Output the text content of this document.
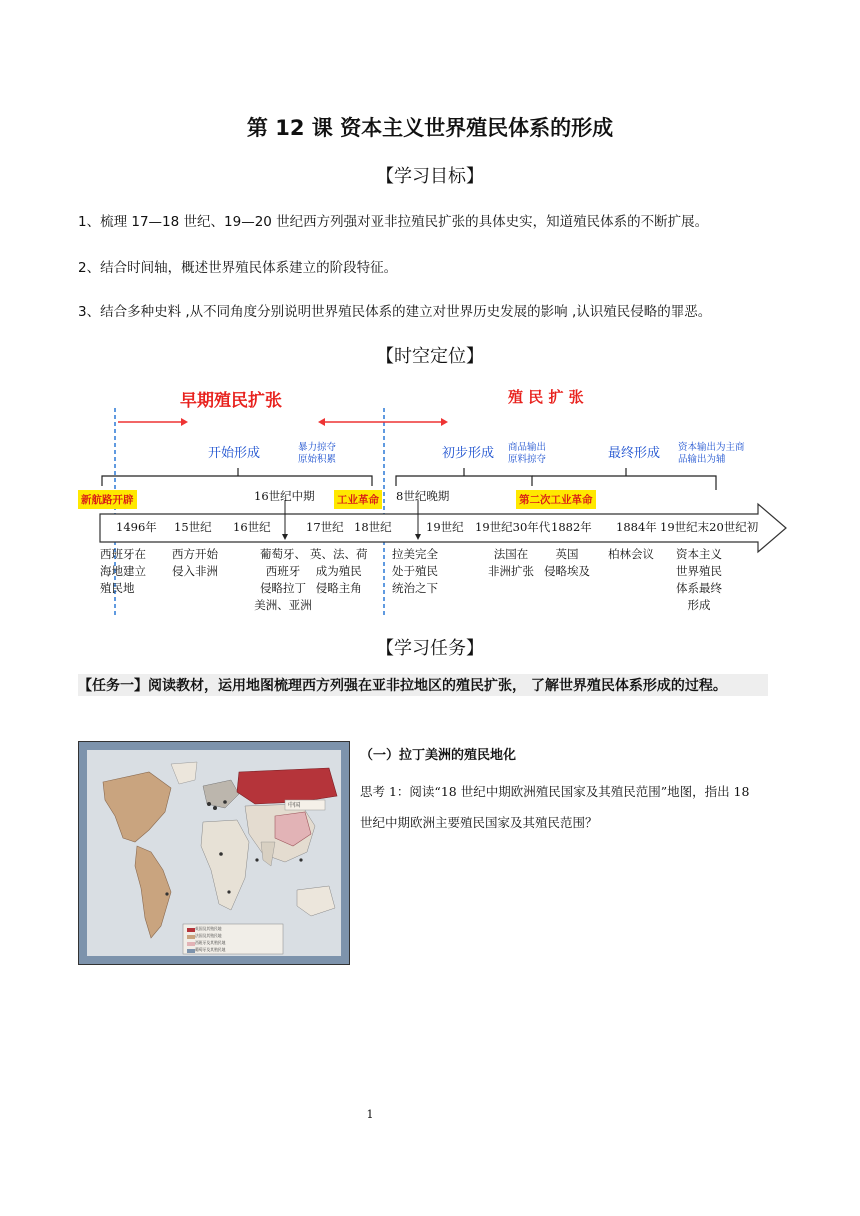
第 12 课 资本主义世界殖民体系的形成
【学习目标】
1、梳理 17—18 世纪、19—20 世纪西方列强对亚非拉殖民扩张的具体史实，知道殖民体系的不断扩展。
2、结合时间轴，概述世界殖民体系建立的阶段特征。
3、结合多种史料 ,从不同角度分别说明世界殖民体系的建立对世界历史发展的影响 ,认识殖民侵略的罪恶。
【时空定位】
早期殖民扩张	殖 民 扩 张
开始形成	暴力掠夺
原始积累	初步形成 商品输出
原料掠夺	最终形成 资本输出为主商
品输出为辅
新航路开辟	工业革命	第二次工业革命
16世纪中期	8世纪晚期
1496年 15世纪 16世纪	17世纪 18世纪	19世纪 19世纪30年代 1882年 1884年 19世纪末20世纪初
西班牙在
海地建立
殖民地
西方开始
侵入非洲
葡萄牙、
西班牙
侵略拉丁
美洲、亚洲
英、法、荷
成为殖民
侵略主角
拉美完全
处于殖民
统治之下
法国在
非洲扩张
英国
侵略埃及
柏林会议 资本主义
世界殖民
体系最终
形成
【学习任务】
【任务一】阅读教材，运用地图梳理西方列强在亚非拉地区的殖民扩张， 了解世界殖民体系形成的过程。
英国及其殖民地
法国及其殖民地
西班牙及其殖民地
葡萄牙及其殖民地
中国
（一）拉丁美洲的殖民地化
思考 1：阅读“18 世纪中期欧洲殖民国家及其殖民范围”地图，指出 18 世纪中期欧洲主要殖民国家及其殖民范围？
1
